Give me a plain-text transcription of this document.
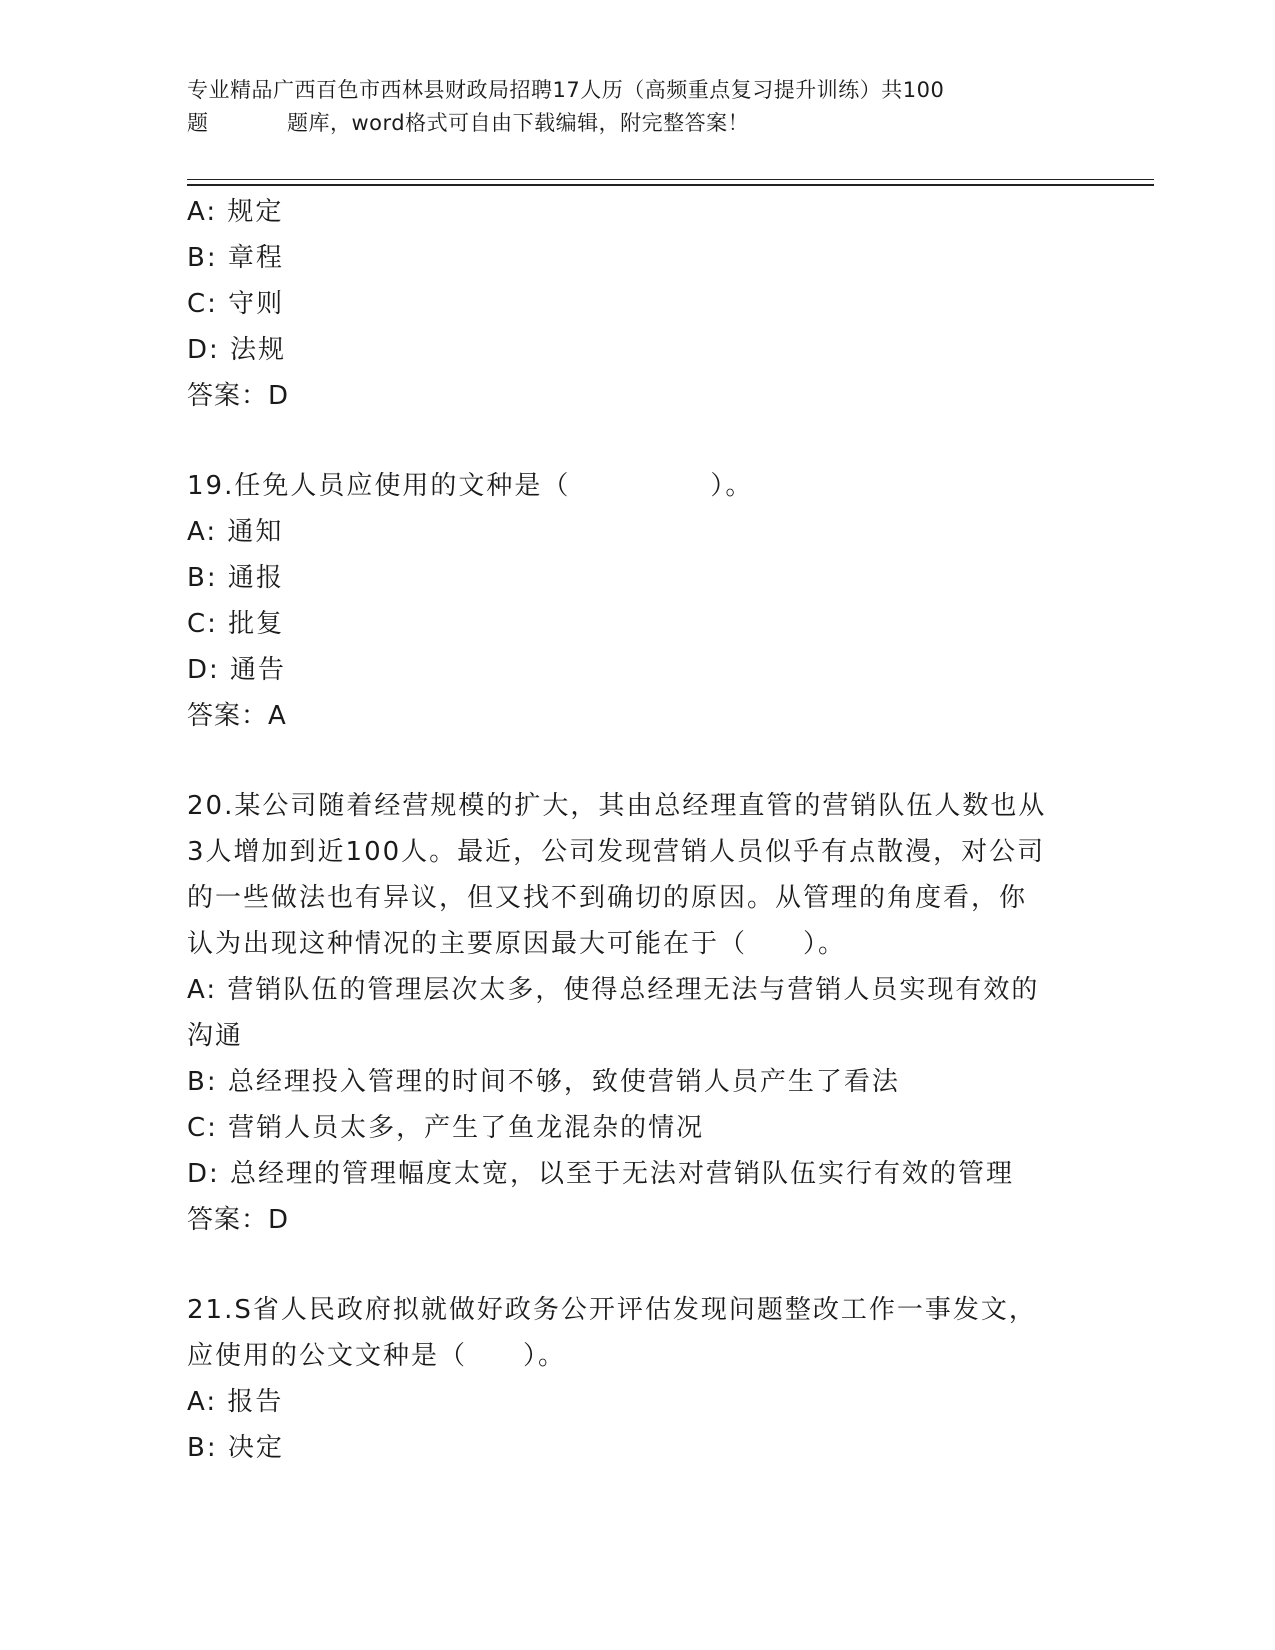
专业精品广西百色市西林县财政局招聘17人历（高频重点复习提升训练）共100
题	题库，word格式可自由下载编辑，附完整答案！
A: 规定
B: 章程
C: 守则
D: 法规
答案：D
19.任免人员应使用的文种是（　　　　　）。
A: 通知
B: 通报
C: 批复
D: 通告
答案：A
20.某公司随着经营规模的扩大，其由总经理直管的营销队伍人数也从
3人增加到近100人。最近，公司发现营销人员似乎有点散漫，对公司
的一些做法也有异议，但又找不到确切的原因。从管理的角度看，你
认为出现这种情况的主要原因最大可能在于（　　）。
A: 营销队伍的管理层次太多，使得总经理无法与营销人员实现有效的
沟通
B: 总经理投入管理的时间不够，致使营销人员产生了看法
C: 营销人员太多，产生了鱼龙混杂的情况
D: 总经理的管理幅度太宽，以至于无法对营销队伍实行有效的管理
答案：D
21.S省人民政府拟就做好政务公开评估发现问题整改工作一事发文，
应使用的公文文种是（　　）。
A: 报告
B: 决定
